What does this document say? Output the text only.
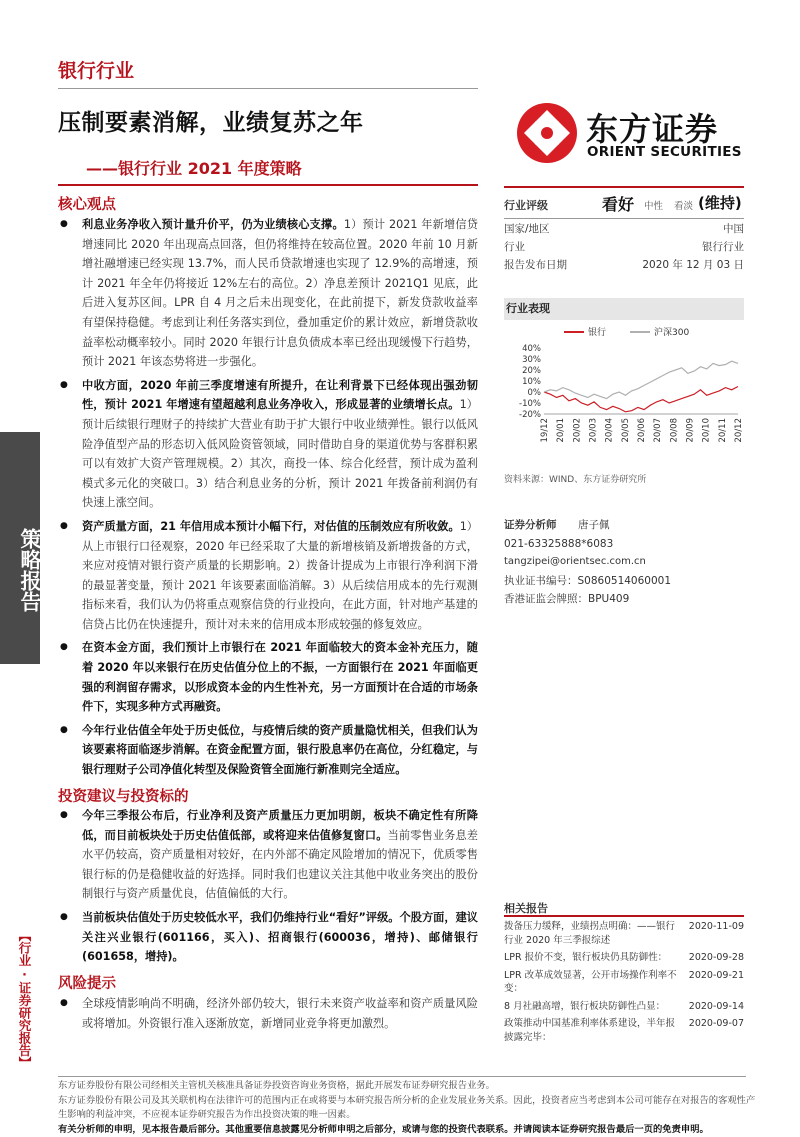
银行行业
压制要素消解，业绩复苏之年
——银行行业 2021 年度策略
东方证券
ORIENT SECURITIES
核心观点
● 利息业务净收入预计量升价平，仍为业绩核心支撑。1）预计 2021 年新增信贷增速同比 2020 年出现高点回落，但仍将维持在较高位置。2020 年前 10 月新增社融增速已经实现 13.7%，而人民币贷款增速也实现了 12.9%的高增速，预计 2021 年全年仍将接近 12%左右的高位。2）净息差预计 2021Q1 见底，此后进入复苏区间。LPR 自 4 月之后未出现变化，在此前提下，新发贷款收益率有望保持稳健。考虑到让利任务落实到位，叠加重定价的累计效应，新增贷款收益率松动概率较小。同时 2020 年银行计息负债成本率已经出现缓慢下行趋势，预计 2021 年该态势将进一步强化。
● 中收方面，2020 年前三季度增速有所提升，在让利背景下已经体现出强劲韧性，预计 2021 年增速有望超越利息业务净收入，形成显著的业绩增长点。1）预计后续银行理财子的持续扩大营业有助于扩大银行中收业绩弹性。银行以低风险净值型产品的形态切入低风险资管领域，同时借助自身的渠道优势与客群积累可以有效扩大资产管理规模。2）其次，商投一体、综合化经营，预计成为盈利模式多元化的突破口。3）结合利息业务的分析，预计 2021 年拨备前利润仍有快速上涨空间。
● 资产质量方面，21 年信用成本预计小幅下行，对估值的压制效应有所收敛。1）从上市银行口径观察，2020 年已经采取了大量的新增核销及新增拨备的方式，来应对疫情对银行资产质量的长期影响。2）拨备计提成为上市银行净利润下滑的最显著变量，预计 2021 年该要素面临消解。3）从后续信用成本的先行观测指标来看，我们认为仍将重点观察信贷的行业投向，在此方面，针对地产基建的信贷占比仍在快速提升，预计对未来的信用成本形成较强的修复效应。
● 在资本金方面，我们预计上市银行在 2021 年面临较大的资本金补充压力，随着 2020 年以来银行在历史估值分位上的不振，一方面银行在 2021 年面临更强的利润留存需求，以形成资本金的内生性补充，另一方面预计在合适的市场条件下，实现多种方式再融资。
● 今年行业估值全年处于历史低位，与疫情后续的资产质量隐忧相关，但我们认为该要素将面临逐步消解。在资金配置方面，银行股息率仍在高位，分红稳定，与银行理财子公司净值化转型及保险资管全面施行新准则完全适应。
投资建议与投资标的
● 今年三季报公布后，行业净利及资产质量压力更加明朗，板块不确定性有所降低，而目前板块处于历史估值低部，或将迎来估值修复窗口。当前零售业务息差水平仍较高，资产质量相对较好，在内外部不确定风险增加的情况下，优质零售银行标的仍是稳健收益的好选择。同时我们也建议关注其他中收业务突出的股份制银行与资产质量优良，估值偏低的大行。
● 当前板块估值处于历史较低水平，我们仍维持行业“看好”评级。个股方面，建议关注兴业银行(601166，买入)、招商银行(600036，增持)、邮储银行(601658，增持)。
风险提示
● 全球疫情影响尚不明确，经济外部仍较大，银行未来资产收益率和资产质量风险或将增加。外资银行准入逐渐放宽，新增同业竞争将更加激烈。
策略报告
【行业·证券研究报告】
行业评级	看好 中性 看淡 (维持)
国家/地区	中国
行业	银行行业
报告发布日期	2020 年 12 月 03 日
行业表现
银行	沪深300
40%
30%
20%
10%
0%
-10%
-20%
19/12 20/01 20/02 20/03 20/04 20/05 20/06 20/07 20/08 20/09 20/10 20/11 20/12
资料来源：WIND、东方证券研究所
证券分析师 唐子佩
021-63325888*6083
tangzipei@orientsec.com.cn
执业证书编号：S0860514060001
香港证监会牌照：BPU409
相关报告
拨备压力缓释，业绩拐点明确：——银行行业 2020 年三季报综述
2020-11-09
LPR 报价不变，银行板块仍具防御性：	2020-09-28
LPR 改革成效显著，公开市场操作利率不变：
2020-09-21
8 月社融高增，银行板块防御性凸显：	2020-09-14
政策推动中国基准利率体系建设，半年报披露完毕：
2020-09-07
东方证券股份有限公司经相关主管机关核准具备证券投资咨询业务资格，据此开展发布证券研究报告业务。
东方证券股份有限公司及其关联机构在法律许可的范围内正在或将要与本研究报告所分析的企业发展业务关系。因此，投资者应当考虑到本公司可能存在对报告的客观性产生影响的利益冲突，不应视本证券研究报告为作出投资决策的唯一因素。
有关分析师的申明，见本报告最后部分。其他重要信息披露见分析师申明之后部分，或请与您的投资代表联系。并请阅读本证券研究报告最后一页的免责申明。
